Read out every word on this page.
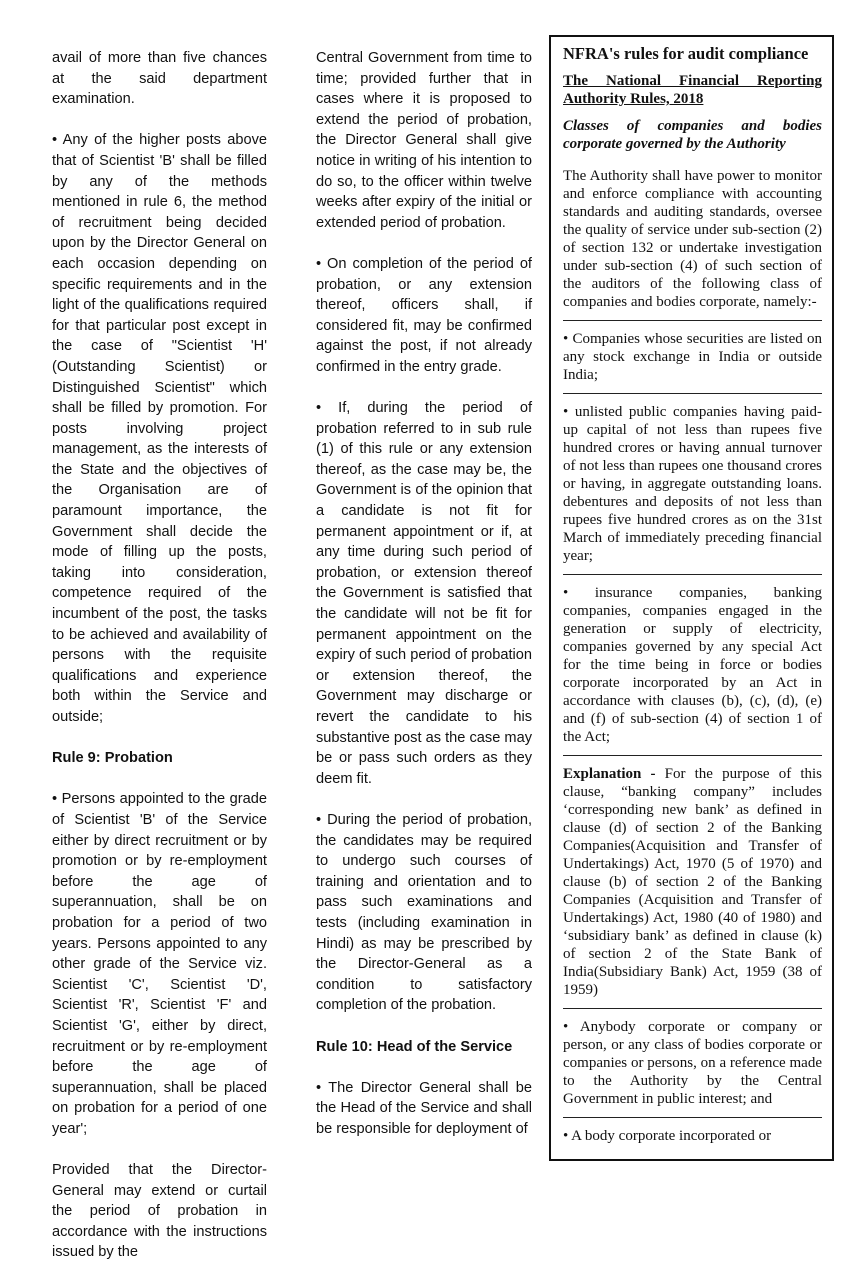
avail of more than five chances at the said department examination.

• Any of the higher posts above that of Scientist 'B' shall be filled by any of the methods mentioned in rule 6, the method of recruitment being decided upon by the Director General on each occasion depending on specific requirements and in the light of the qualifications required for that particular post except in the case of "Scientist 'H' (Outstanding Scientist) or Distinguished Scientist" which shall be filled by promotion. For posts involving project management, as the interests of the State and the objectives of the Organisation are of paramount importance, the Government shall decide the mode of filling up the posts, taking into consideration, competence required of the incumbent of the post, the tasks to be achieved and availability of persons with the requisite qualifications and experience both within the Service and outside;

Rule 9: Probation

• Persons appointed to the grade of Scientist 'B' of the Service either by direct recruitment or by promotion or by re-employment before the age of superannuation, shall be on probation for a period of two years. Persons appointed to any other grade of the Service viz. Scientist 'C', Scientist 'D', Scientist 'R', Scientist 'F' and Scientist 'G', either by direct, recruitment or by re-employment before the age of superannuation, shall be placed on probation for a period of one year';

Provided that the Director-General may extend or curtail the period of probation in accordance with the instructions issued by the

Central Government from time to time; provided further that in cases where it is proposed to extend the period of probation, the Director General shall give notice in writing of his intention to do so, to the officer within twelve weeks after expiry of the initial or extended period of probation.

• On completion of the period of probation, or any extension thereof, officers shall, if considered fit, may be confirmed against the post, if not already confirmed in the entry grade.

• If, during the period of probation referred to in sub rule (1) of this rule or any extension thereof, as the case may be, the Government is of the opinion that a candidate is not fit for permanent appointment or if, at any time during such period of probation, or extension thereof the Government is satisfied that the candidate will not be fit for permanent appointment on the expiry of such period of probation or extension thereof, the Government may discharge or revert the candidate to his substantive post as the case may be or pass such orders as they deem fit.

• During the period of probation, the candidates may be required to undergo such courses of training and orientation and to pass such examinations and tests (including examination in Hindi) as may be prescribed by the Director-General as a condition to satisfactory completion of the probation.

Rule 10: Head of the Service

• The Director General shall be the Head of the Service and shall be responsible for deployment of

NFRA's rules for audit compliance

The National Financial Reporting Authority Rules, 2018

Classes of companies and bodies corporate governed by the Authority

The Authority shall have power to monitor and enforce compliance with accounting standards and auditing standards, oversee the quality of service under sub-section (2) of section 132 or undertake investigation under sub-section (4) of such section of the auditors of the following class of companies and bodies corporate, namely:-

• Companies whose securities are listed on any stock exchange in India or outside India;

• unlisted public companies having paid-up capital of not less than rupees five hundred crores or having annual turnover of not less than rupees one thousand crores or having, in aggregate outstanding loans. debentures and deposits of not less than rupees five hundred crores as on the 31st March of immediately preceding financial year;

• insurance companies, banking companies, companies engaged in the generation or supply of electricity, companies governed by any special Act for the time being in force or bodies corporate incorporated by an Act in accordance with clauses (b), (c), (d), (e) and (f) of sub-section (4) of section 1 of the Act;

Explanation - For the purpose of this clause, “banking company” includes ‘corresponding new bank’ as defined in clause (d) of section 2 of the Banking Companies(Acquisition and Transfer of Undertakings) Act, 1970 (5 of 1970) and clause (b) of section 2 of the Banking Companies (Acquisition and Transfer of Undertakings) Act, 1980 (40 of 1980) and ‘subsidiary bank’ as defined in clause (k) of section 2 of the State Bank of India(Subsidiary Bank) Act, 1959 (38 of 1959)

• Anybody corporate or company or person, or any class of bodies corporate or companies or persons, on a reference made to the Authority by the Central Government in public interest; and

• A body corporate incorporated or
